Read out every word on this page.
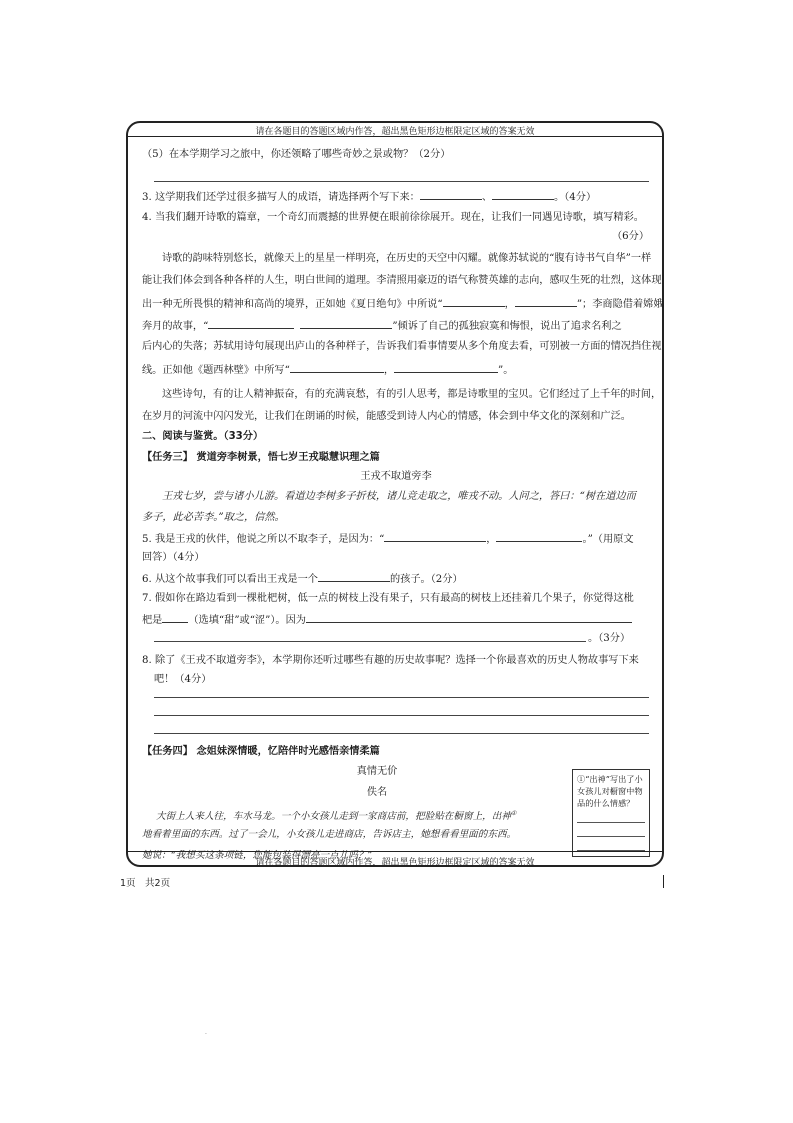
请在各题目的答题区域内作答，超出黑色矩形边框限定区域的答案无效
（5）在本学期学习之旅中，你还领略了哪些奇妙之景或物？（2分）
3. 这学期我们还学过很多描写人的成语，请选择两个写下来：	、	。（4分）
4. 当我们翻开诗歌的篇章，一个奇幻而震撼的世界便在眼前徐徐展开。现在，让我们一同遇见诗歌，填写精彩。
（6分）
诗歌的韵味特别悠长，就像天上的星星一样明亮，在历史的天空中闪耀。就像苏轼说的“腹有诗书气自华”一样
能让我们体会到各种各样的人生，明白世间的道理。李清照用豪迈的语气称赞英雄的志向，感叹生死的壮烈，这体现
出一种无所畏惧的精神和高尚的境界，正如她《夏日绝句》中所说“	，	”；李商隐借着嫦娥
奔月的故事，“	”倾诉了自己的孤独寂寞和悔恨，说出了追求名利之
后内心的失落；苏轼用诗句展现出庐山的各种样子，告诉我们看事情要从多个角度去看，可别被一方面的情况挡住视
线。正如他《题西林壁》中所写“	，	”。
这些诗句，有的让人精神振奋，有的充满哀愁，有的引人思考，都是诗歌里的宝贝。它们经过了上千年的时间，
在岁月的河流中闪闪发光，让我们在朗诵的时候，能感受到诗人内心的情感，体会到中华文化的深刻和广泛。
二、阅读与鉴赏。（33分）
【任务三】 赏道旁李树景，悟七岁王戎聪慧识理之篇
王戎不取道旁李
王戎七岁，尝与诸小儿游。看道边李树多子折枝，诸儿竞走取之，唯戎不动。人问之，答曰：“树在道边而
多子，此必苦李。”取之，信然。
5. 我是王戎的伙伴，他说之所以不取李子，是因为：“	，	。”（用原文
回答）（4分）
6. 从这个故事我们可以看出王戎是一个	的孩子。（2分）
7. 假如你在路边看到一棵枇杷树，低一点的树枝上没有果子，只有最高的树枝上还挂着几个果子，你觉得这枇
杷是	（选填“甜”或“涩”）。因为
。（3分）
8. 除了《王戎不取道旁李》，本学期你还听过哪些有趣的历史故事呢？选择一个你最喜欢的历史人物故事写下来
吧！（4分）
【任务四】 念姐妹深情暖，忆陪伴时光感悟亲情柔篇
真情无价
佚名
大街上人来人往，车水马龙。一个小女孩儿走到一家商店前，把脸贴在橱窗上，出神①
地看着里面的东西。过了一会儿，小女孩儿走进商店，告诉店主，她想看看里面的东西。
她说：“我想买这条项链，您能包装得漂亮一点儿吗？”
①“出神”写出了小女孩儿对橱窗中物品的什么情感？
请在各题目的答题区域内作答，超出黑色矩形边框限定区域的答案无效
1页　共2页
.
